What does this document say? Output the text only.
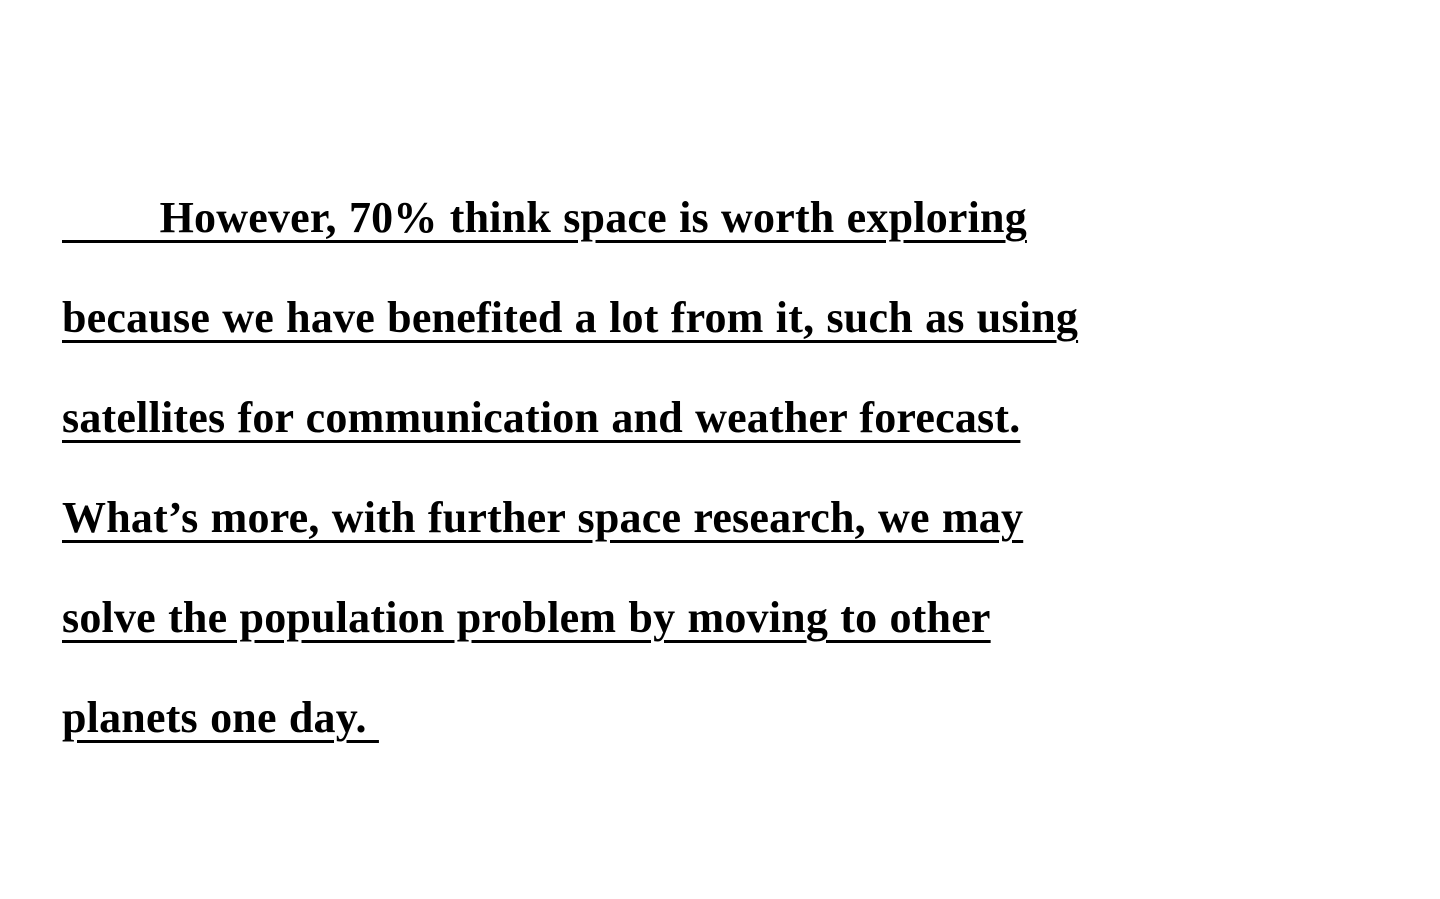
However, 70% think space is worth exploring
because we have benefited a lot from it, such as using
satellites for communication and weather forecast.
What’s more, with further space research, we may
solve the population problem by moving to other
planets one day.
